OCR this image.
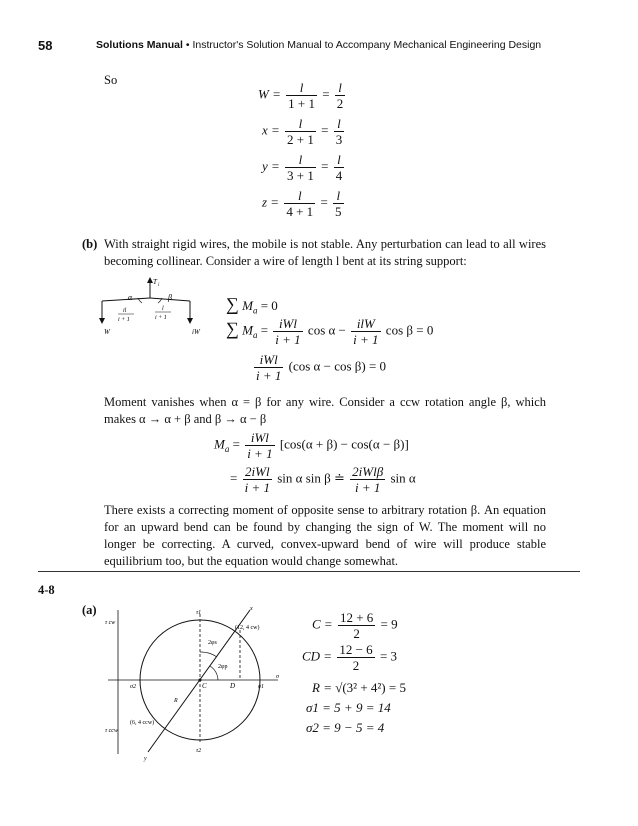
58	Solutions Manual • Instructor's Solution Manual to Accompany Mechanical Engineering Design
So
$W = \frac{l}{1 + 1} = \frac{l}{2}$
$x = \frac{l}{2 + 1} = \frac{l}{3}$
$y = \frac{l}{3 + 1} = \frac{l}{4}$
$z = \frac{l}{4 + 1} = \frac{l}{5}$
(b) With straight rigid wires, the mobile is not stable. Any perturbation can lead to all wires becoming collinear. Consider a wire of length l bent at its string support:
T i
α	β
il
i + 1
l
i + 1
W	iW
∑ $M_a = 0$
∑ $M_a = \frac{\text{iWl}}{i + 1}$ $\cos \alpha - \frac{\text{ilW}}{i + 1}$ cos β = 0
$\frac{\text{iWl}}{i + 1} (\cos$ α − cos β) = 0
Moment vanishes when α = β for any wire. Consider a ccw rotation angle β, which makes α → α + β and β → α − β
$M_a = \frac{\text{iWl}}{i + 1} [\cos(\alpha + \beta) - \cos(\alpha - \beta)]$
= $\frac{\text{2iWl}}{i + 1}$ sin α sin β ≐ $\frac{\text{2iWlβ}}{i + 1}$ sin α
There exists a correcting moment of opposite sense to arbitrary rotation β. An equation for an upward bend can be found by changing the sign of W. The moment will no longer be correcting. A curved, convex-upward bend of wire will produce stable equilibrium too, but the equation would change somewhat.
4-8
(a)
τ cw
τ ccw
τ1
τ2
σ
σ1
σ2	C	D
R
x
y
(12, 4 cw)
(6, 4 ccw)
2φs
2φp
$C = \frac{12 + 6}{2} = 9$
CD = $\frac{12 - 6}{2} = 3$
R = √(3² + 4²) = 5
σ1 = 5 + 9 = 14
σ2 = 9 − 5 = 4
